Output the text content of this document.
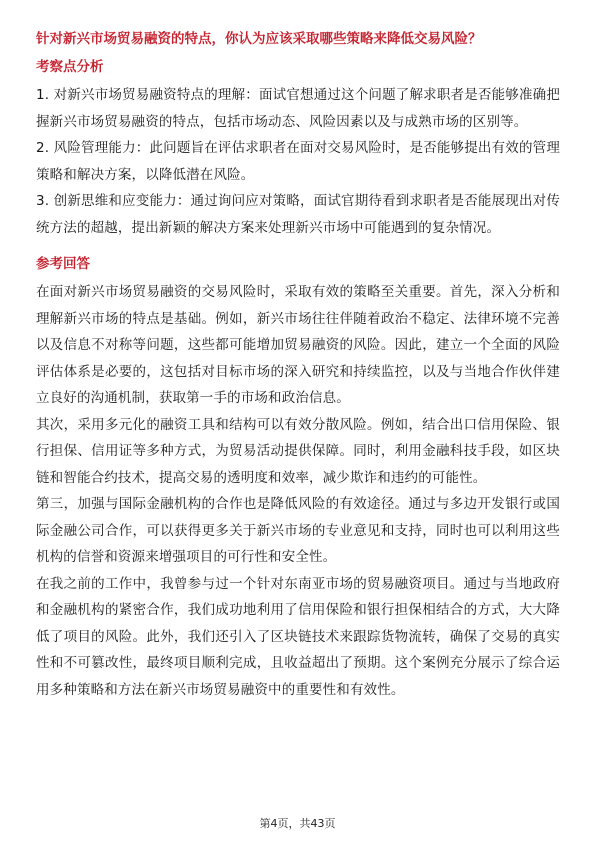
针对新兴市场贸易融资的特点，你认为应该采取哪些策略来降低交易风险？

考察点分析

1. 对新兴市场贸易融资特点的理解：面试官想通过这个问题了解求职者是否能够准确把握新兴市场贸易融资的特点，包括市场动态、风险因素以及与成熟市场的区别等。

2. 风险管理能力：此问题旨在评估求职者在面对交易风险时，是否能够提出有效的管理策略和解决方案，以降低潜在风险。

3. 创新思维和应变能力：通过询问应对策略，面试官期待看到求职者是否能展现出对传统方法的超越，提出新颖的解决方案来处理新兴市场中可能遇到的复杂情况。

参考回答

在面对新兴市场贸易融资的交易风险时，采取有效的策略至关重要。首先，深入分析和理解新兴市场的特点是基础。例如，新兴市场往往伴随着政治不稳定、法律环境不完善以及信息不对称等问题，这些都可能增加贸易融资的风险。因此，建立一个全面的风险评估体系是必要的，这包括对目标市场的深入研究和持续监控，以及与当地合作伙伴建立良好的沟通机制，获取第一手的市场和政治信息。

其次，采用多元化的融资工具和结构可以有效分散风险。例如，结合出口信用保险、银行担保、信用证等多种方式，为贸易活动提供保障。同时，利用金融科技手段，如区块链和智能合约技术，提高交易的透明度和效率，减少欺诈和违约的可能性。

第三，加强与国际金融机构的合作也是降低风险的有效途径。通过与多边开发银行或国际金融公司合作，可以获得更多关于新兴市场的专业意见和支持，同时也可以利用这些机构的信誉和资源来增强项目的可行性和安全性。

在我之前的工作中，我曾参与过一个针对东南亚市场的贸易融资项目。通过与当地政府和金融机构的紧密合作，我们成功地利用了信用保险和银行担保相结合的方式，大大降低了项目的风险。此外，我们还引入了区块链技术来跟踪货物流转，确保了交易的真实性和不可篡改性，最终项目顺利完成，且收益超出了预期。这个案例充分展示了综合运用多种策略和方法在新兴市场贸易融资中的重要性和有效性。

第4页，共43页
